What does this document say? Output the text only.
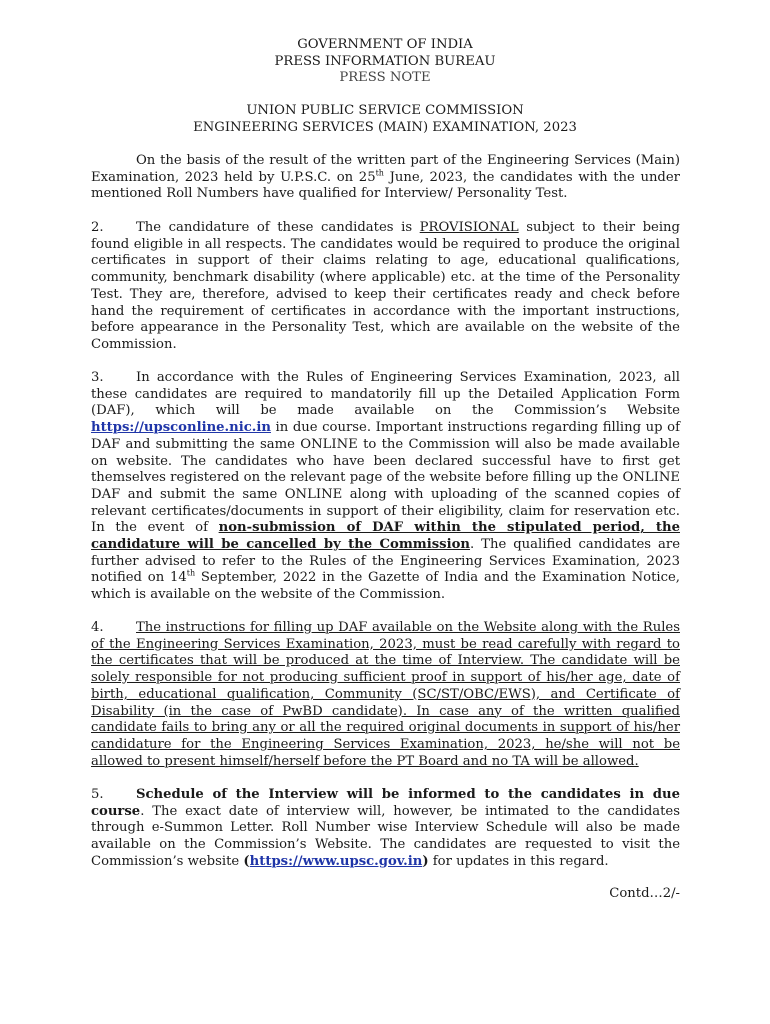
GOVERNMENT OF INDIA
PRESS INFORMATION BUREAU
PRESS NOTE
UNION PUBLIC SERVICE COMMISSION
ENGINEERING SERVICES (MAIN) EXAMINATION, 2023

On the basis of the result of the written part of the Engineering Services (Main) Examination, 2023 held by U.P.S.C. on 25th June, 2023, the candidates with the under mentioned Roll Numbers have qualified for Interview/ Personality Test.

2. The candidature of these candidates is PROVISIONAL subject to their being found eligible in all respects. The candidates would be required to produce the original certificates in support of their claims relating to age, educational qualifications, community, benchmark disability (where applicable) etc. at the time of the Personality Test. They are, therefore, advised to keep their certificates ready and check before hand the requirement of certificates in accordance with the important instructions, before appearance in the Personality Test, which are available on the website of the Commission.

3. In accordance with the Rules of Engineering Services Examination, 2023, all these candidates are required to mandatorily fill up the Detailed Application Form (DAF), which will be made available on the Commission’s Website https://upsconline.nic.in in due course. Important instructions regarding filling up of DAF and submitting the same ONLINE to the Commission will also be made available on website. The candidates who have been declared successful have to first get themselves registered on the relevant page of the website before filling up the ONLINE DAF and submit the same ONLINE along with uploading of the scanned copies of relevant certificates/documents in support of their eligibility, claim for reservation etc. In the event of non-submission of DAF within the stipulated period, the candidature will be cancelled by the Commission. The qualified candidates are further advised to refer to the Rules of the Engineering Services Examination, 2023 notified on 14th September, 2022 in the Gazette of India and the Examination Notice, which is available on the website of the Commission.

4. The instructions for filling up DAF available on the Website along with the Rules of the Engineering Services Examination, 2023, must be read carefully with regard to the certificates that will be produced at the time of Interview. The candidate will be solely responsible for not producing sufficient proof in support of his/her age, date of birth, educational qualification, Community (SC/ST/OBC/EWS), and Certificate of Disability (in the case of PwBD candidate). In case any of the written qualified candidate fails to bring any or all the required original documents in support of his/her candidature for the Engineering Services Examination, 2023, he/she will not be allowed to present himself/herself before the PT Board and no TA will be allowed.

5. Schedule of the Interview will be informed to the candidates in due course. The exact date of interview will, however, be intimated to the candidates through e-Summon Letter. Roll Number wise Interview Schedule will also be made available on the Commission’s Website. The candidates are requested to visit the Commission’s website (https://www.upsc.gov.in) for updates in this regard.

Contd…2/-
